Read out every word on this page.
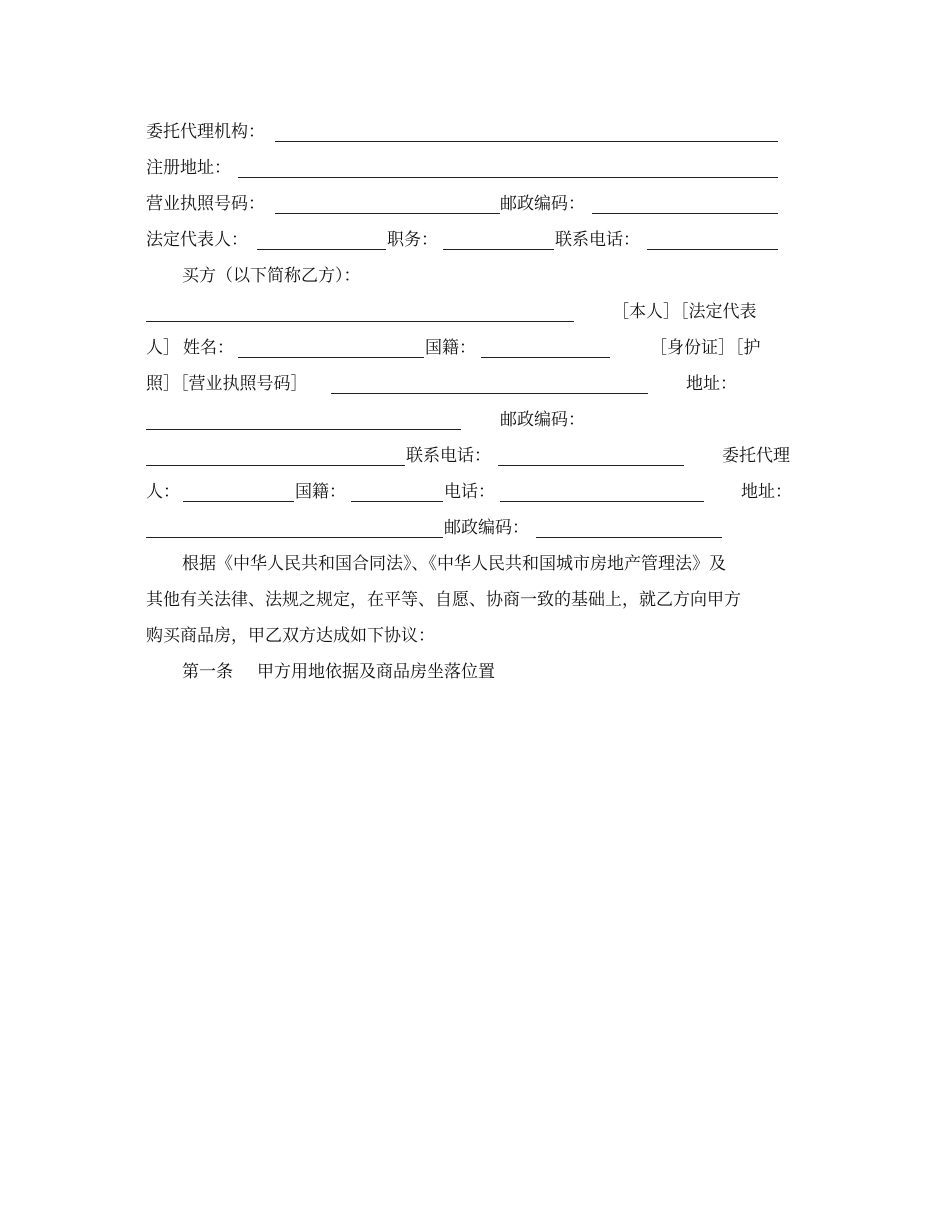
委托代理机构：
注册地址：
营业执照号码：	邮政编码：
法定代表人：	职务：	联系电话：
买方（以下简称乙方）：
［本人］［法定代表
人］ 姓名：	国籍：	［身份证］［护
照］［营业执照号码］	地址：
邮政编码：
联系电话：	委托代理
人：	国籍：	电话：	地址：
邮政编码：
根据《中华人民共和国合同法》、《中华人民共和国城市房地产管理法》及
其他有关法律、法规之规定，在平等、自愿、协商一致的基础上，就乙方向甲方
购买商品房，甲乙双方达成如下协议：
第一条 甲方用地依据及商品房坐落位置
